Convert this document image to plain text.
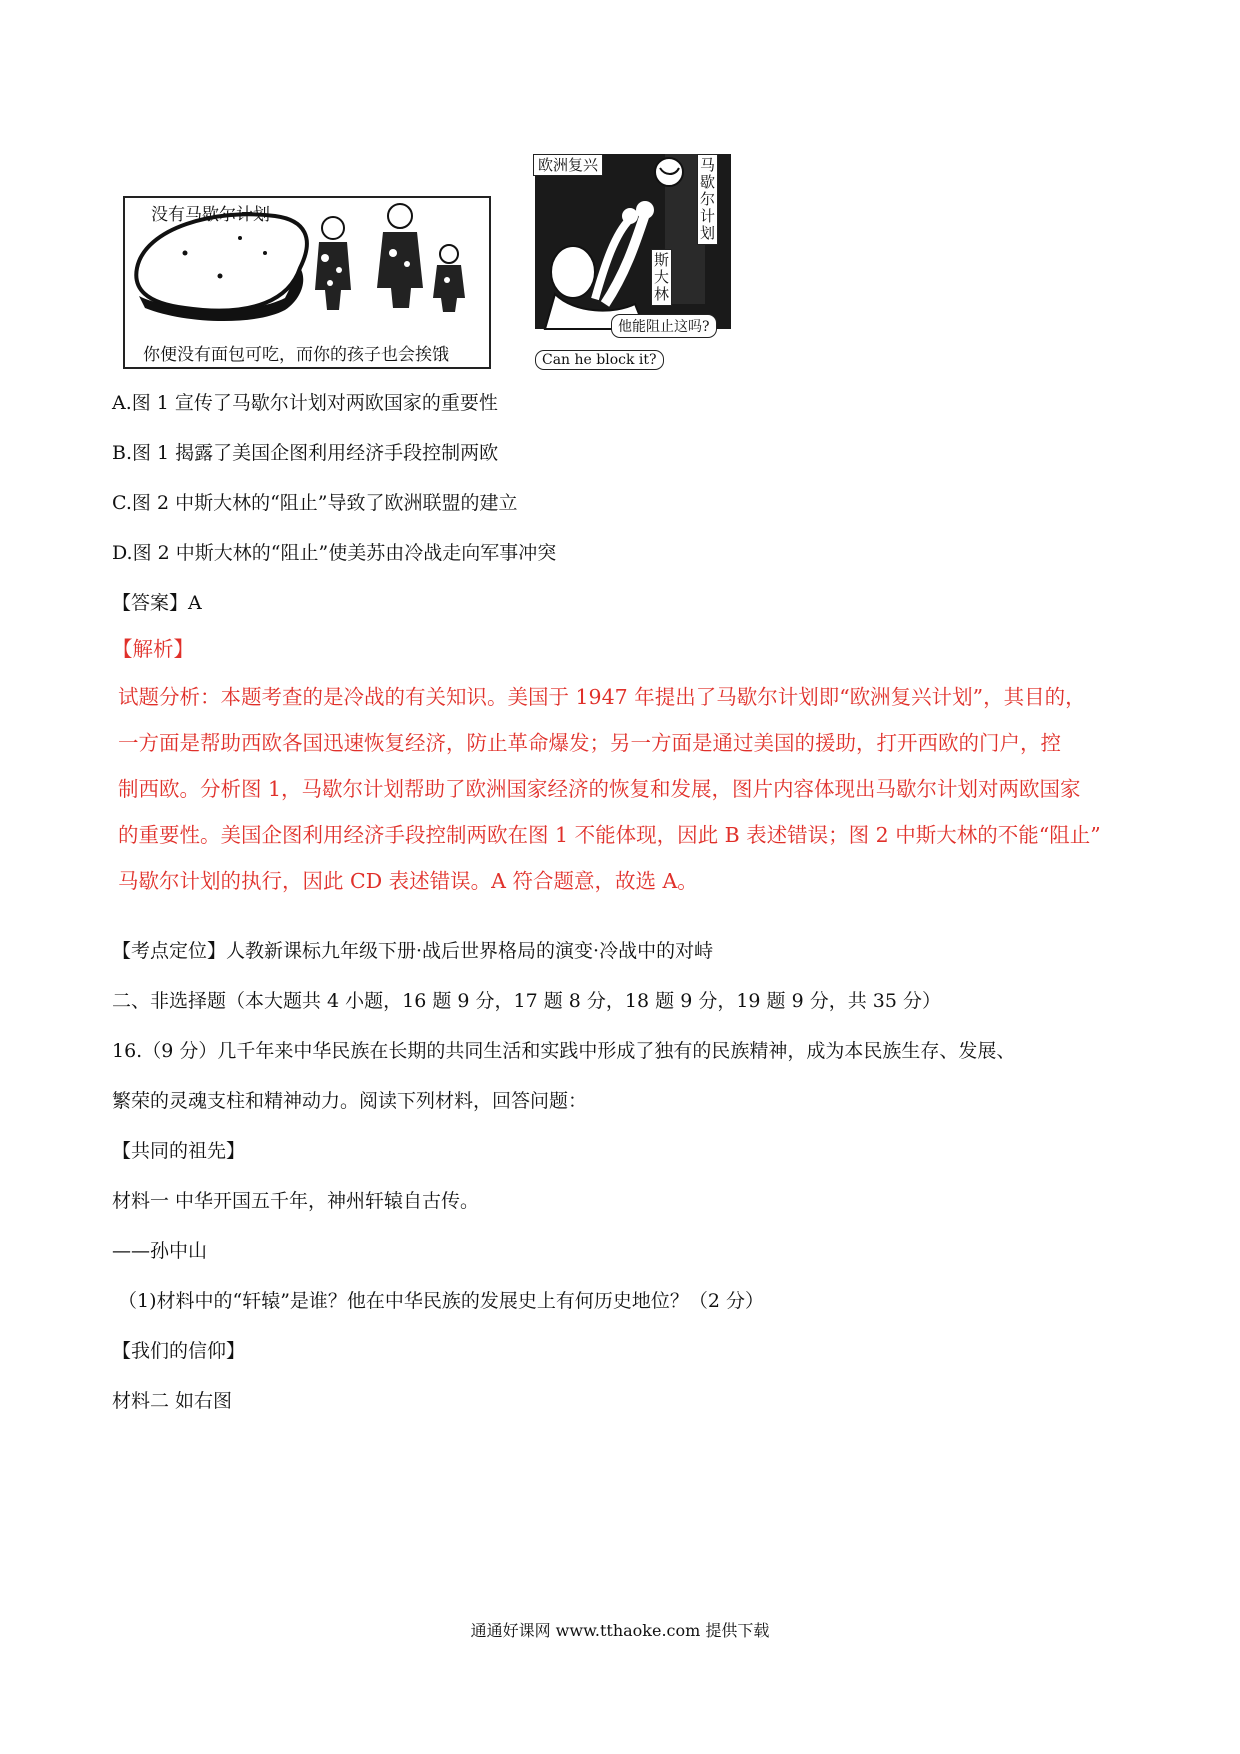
没有马歇尔计划
你便没有面包可吃，而你的孩子也会挨饿
欧洲复兴	马歇尔计划
斯大林
他能阻止这吗?
Can he block it?
A.图 1 宣传了马歇尔计划对两欧国家的重要性
B.图 1 揭露了美国企图利用经济手段控制两欧
C.图 2 中斯大林的“阻止”导致了欧洲联盟的建立
D.图 2 中斯大林的“阻止”使美苏由冷战走向军事冲突
【答案】A
【解析】
试题分析：本题考查的是冷战的有关知识。美国于 1947 年提出了马歇尔计划即“欧洲复兴计划”，其目的，
一方面是帮助西欧各国迅速恢复经济，防止革命爆发；另一方面是通过美国的援助，打开西欧的门户，控
制西欧。分析图 1，马歇尔计划帮助了欧洲国家经济的恢复和发展，图片内容体现出马歇尔计划对两欧国家
的重要性。美国企图利用经济手段控制两欧在图 1 不能体现，因此 B 表述错误；图 2 中斯大林的不能“阻止”
马歇尔计划的执行，因此 CD 表述错误。A 符合题意，故选 A。
【考点定位】人教新课标九年级下册·战后世界格局的演变·冷战中的对峙
二、非选择题（本大题共 4 小题，16 题 9 分，17 题 8 分，18 题 9 分，19 题 9 分，共 35 分）
16.（9 分）几千年来中华民族在长期的共同生活和实践中形成了独有的民族精神，成为本民族生存、发展、
繁荣的灵魂支柱和精神动力。阅读下列材料，回答问题：
【共同的祖先】
材料一 中华开国五千年，神州轩辕自古传。
——孙中山
（1)材料中的“轩辕”是谁？他在中华民族的发展史上有何历史地位？（2 分）
【我们的信仰】
材料二 如右图
通通好课网 www.tthaoke.com 提供下载
